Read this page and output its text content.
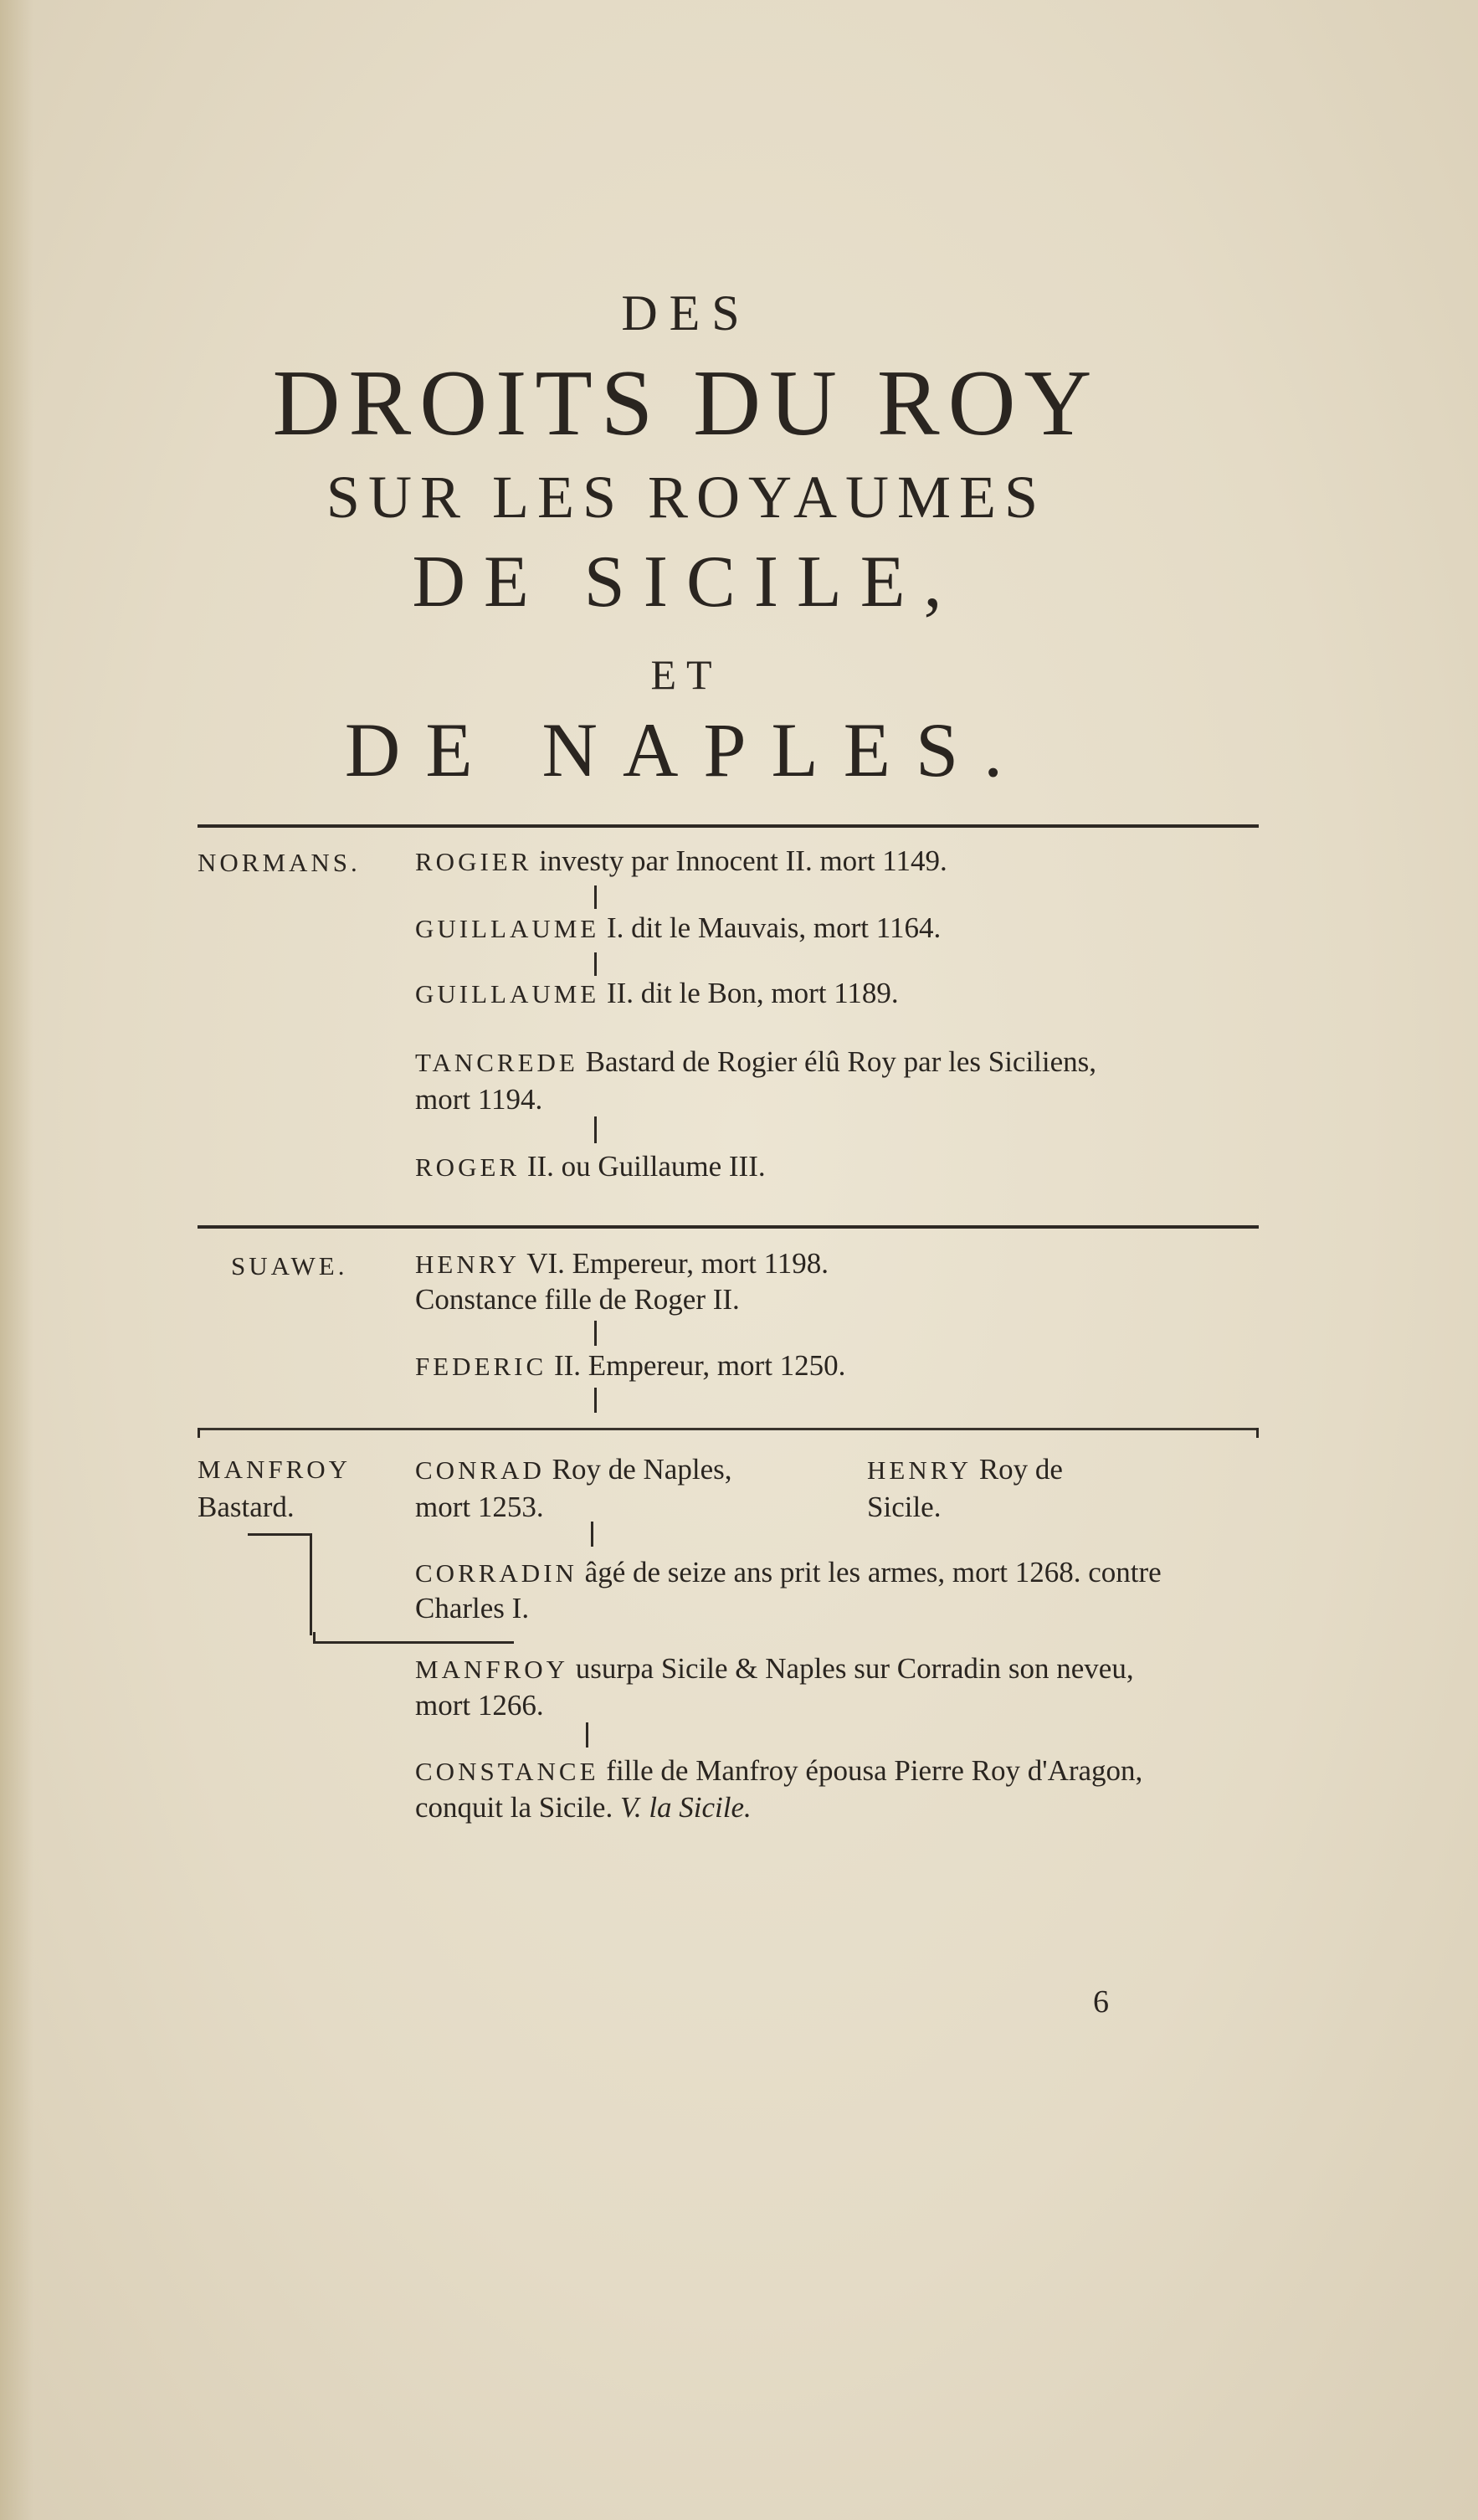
DES
DROITS DU ROY
SUR LES ROYAUMES
DE SICILE,
ET
DE NAPLES.
NORMANS. ROGIER investy par Innocent II. mort 1149.
GUILLAUME I. dit le Mauvais, mort 1164.
GUILLAUME II. dit le Bon, mort 1189.
TANCREDE Bastard de Rogier élû Roy par les Siciliens,
mort 1194.
ROGER II. ou Guillaume III.
SUAWE.	HENRY VI. Empereur, mort 1198.
Constance fille de Roger II.
FEDERIC II. Empereur, mort 1250.
MANFROY
Bastard.
CONRAD Roy de Naples,
mort 1253.
HENRY Roy de
Sicile.
CORRADIN âgé de seize ans prit les armes, mort 1268. contre
Charles I.
MANFROY usurpa Sicile & Naples sur Corradin son neveu,
mort 1266.
CONSTANCE fille de Manfroy épousa Pierre Roy d'Aragon,
conquit la Sicile. V. la Sicile.
6
